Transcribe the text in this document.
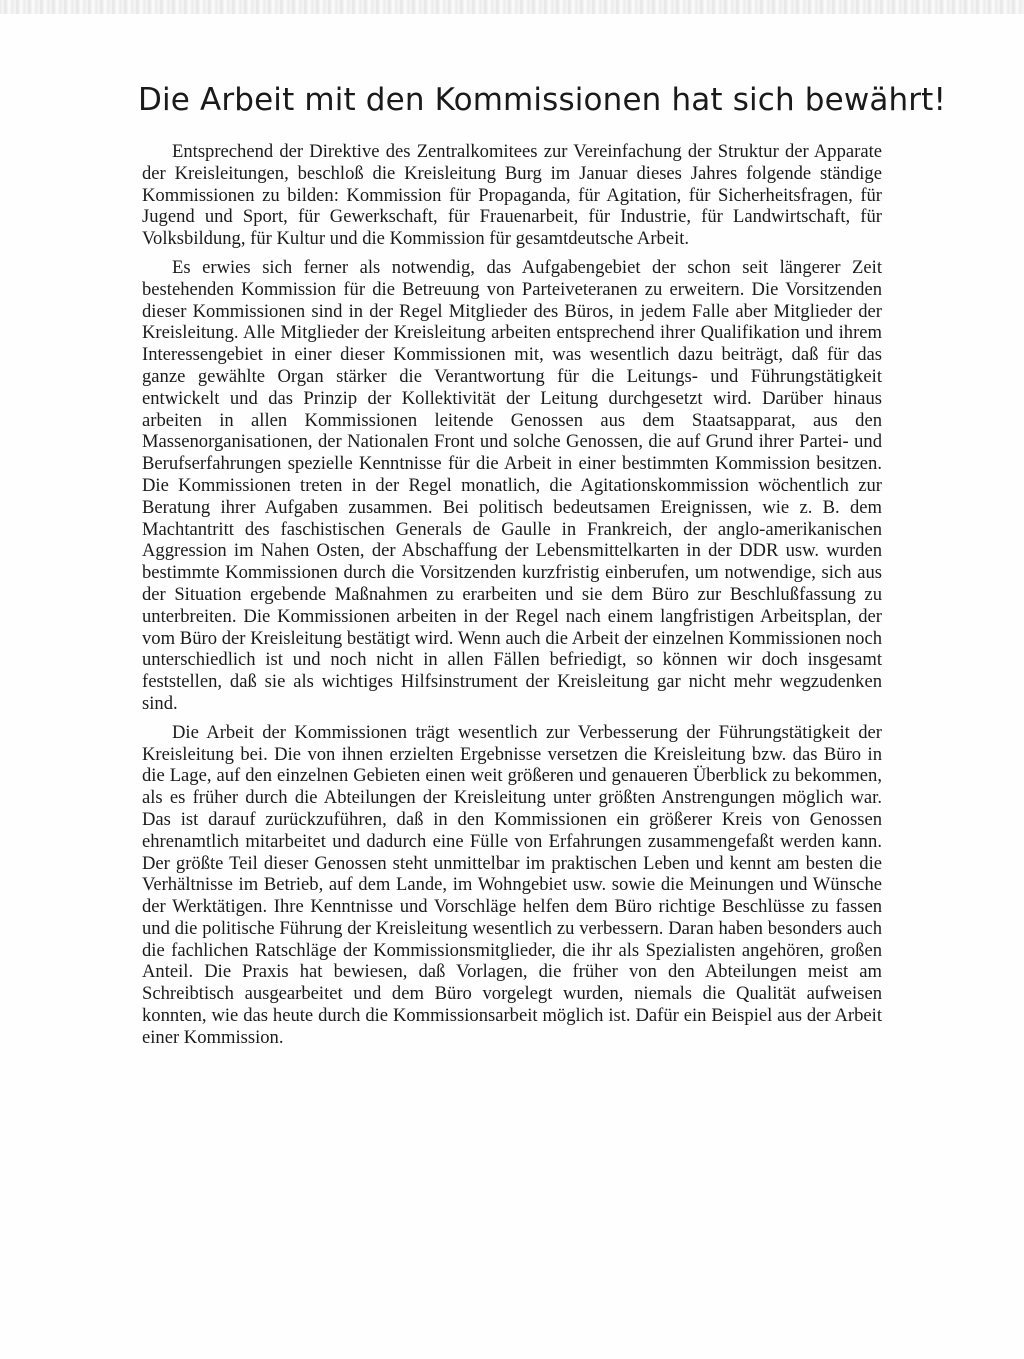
Die Arbeit mit den Kommissionen hat sich bewährt!

Entsprechend der Direktive des Zentralkomitees zur Vereinfachung der Struktur der Apparate der Kreisleitungen, beschloß die Kreisleitung Burg im Januar dieses Jahres folgende ständige Kommissionen zu bilden: Kommission für Propaganda, für Agitation, für Sicherheitsfragen, für Jugend und Sport, für Gewerkschaft, für Frauenarbeit, für Industrie, für Landwirtschaft, für Volksbildung, für Kultur und die Kommission für gesamtdeutsche Arbeit.

Es erwies sich ferner als notwendig, das Aufgabengebiet der schon seit längerer Zeit bestehenden Kommission für die Betreuung von Parteiveteranen zu erweitern. Die Vorsitzenden dieser Kommissionen sind in der Regel Mitglieder des Büros, in jedem Falle aber Mitglieder der Kreisleitung. Alle Mitglieder der Kreisleitung arbeiten entsprechend ihrer Qualifikation und ihrem Interessengebiet in einer dieser Kommissionen mit, was wesentlich dazu beiträgt, daß für das ganze gewählte Organ stärker die Verantwortung für die Leitungs- und Führungstätigkeit entwickelt und das Prinzip der Kollektivität der Leitung durchgesetzt wird. Darüber hinaus arbeiten in allen Kommissionen leitende Genossen aus dem Staatsapparat, aus den Massenorganisationen, der Nationalen Front und solche Genossen, die auf Grund ihrer Partei- und Berufserfahrungen spezielle Kenntnisse für die Arbeit in einer bestimmten Kommission besitzen. Die Kommissionen treten in der Regel monatlich, die Agitationskommission wöchentlich zur Beratung ihrer Aufgaben zusammen. Bei politisch bedeutsamen Ereignissen, wie z. B. dem Machtantritt des faschistischen Generals de Gaulle in Frankreich, der anglo-amerikanischen Aggression im Nahen Osten, der Abschaffung der Lebensmittelkarten in der DDR usw. wurden bestimmte Kommissionen durch die Vorsitzenden kurzfristig einberufen, um notwendige, sich aus der Situation ergebende Maßnahmen zu erarbeiten und sie dem Büro zur Beschlußfassung zu unterbreiten. Die Kommissionen arbeiten in der Regel nach einem langfristigen Arbeitsplan, der vom Büro der Kreisleitung bestätigt wird. Wenn auch die Arbeit der einzelnen Kommissionen noch unterschiedlich ist und noch nicht in allen Fällen befriedigt, so können wir doch insgesamt feststellen, daß sie als wichtiges Hilfsinstrument der Kreisleitung gar nicht mehr wegzudenken sind.

Die Arbeit der Kommissionen trägt wesentlich zur Verbesserung der Führungstätigkeit der Kreisleitung bei. Die von ihnen erzielten Ergebnisse versetzen die Kreisleitung bzw. das Büro in die Lage, auf den einzelnen Gebieten einen weit größeren und genaueren Überblick zu bekommen, als es früher durch die Abteilungen der Kreisleitung unter größten Anstrengungen möglich war. Das ist darauf zurückzuführen, daß in den Kommissionen ein größerer Kreis von Genossen ehrenamtlich mitarbeitet und dadurch eine Fülle von Erfahrungen zusammengefaßt werden kann. Der größte Teil dieser Genossen steht unmittelbar im praktischen Leben und kennt am besten die Verhältnisse im Betrieb, auf dem Lande, im Wohngebiet usw. sowie die Meinungen und Wünsche der Werktätigen. Ihre Kenntnisse und Vorschläge helfen dem Büro richtige Beschlüsse zu fassen und die politische Führung der Kreisleitung wesentlich zu verbessern. Daran haben besonders auch die fachlichen Ratschläge der Kommissionsmitglieder, die ihr als Spezialisten angehören, großen Anteil. Die Praxis hat bewiesen, daß Vorlagen, die früher von den Abteilungen meist am Schreibtisch ausgearbeitet und dem Büro vorgelegt wurden, niemals die Qualität aufweisen konnten, wie das heute durch die Kommissionsarbeit möglich ist. Dafür ein Beispiel aus der Arbeit einer Kommission.
